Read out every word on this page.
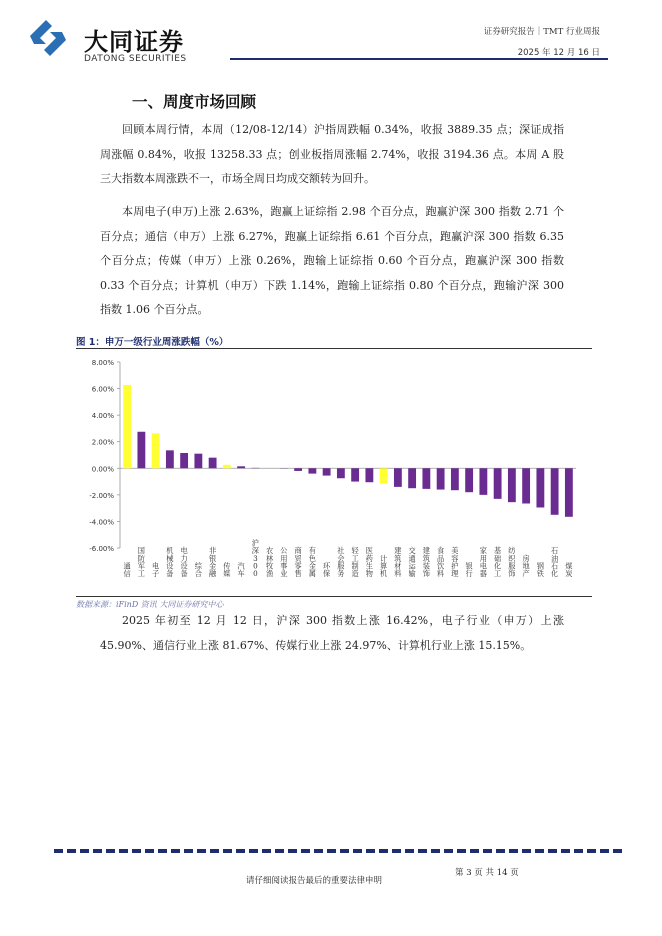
大同证券
DATONG SECURITIES
证券研究报告｜TMT 行业周报
2025 年 12 月 16 日
一、周度市场回顾

回顾本周行情，本周（12/08-12/14）沪指周跌幅 0.34%，收报 3889.35 点；深证成指周涨幅 0.84%，收报 13258.33 点；创业板指周涨幅 2.74%，收报 3194.36 点。本周 A 股三大指数本周涨跌不一，市场全周日均成交额转为回升。

本周电子(申万)上涨 2.63%，跑赢上证综指 2.98 个百分点，跑赢沪深 300 指数 2.71 个百分点；通信（申万）上涨 6.27%，跑赢上证综指 6.61 个百分点，跑赢沪深 300 指数 6.35 个百分点；传媒（申万）上涨 0.26%，跑输上证综指 0.60 个百分点，跑赢沪深 300 指数 0.33 个百分点；计算机（申万）下跌 1.14%，跑输上证综指 0.80 个百分点，跑输沪深 300 指数 1.06 个百分点。

图 1：申万一级行业周涨跌幅（%）
-6.00%
-4.00%
-2.00%
0.00%
2.00%
4.00%
6.00%
8.00%
通信
国防军工
电子
机械设备
电力设备
综合
非银金融
传媒
汽车
沪深 3 0 0
农林牧渔
公用事业
商贸零售
有色金属
环保
社会服务
轻工制造
医药生物
计算机
建筑材料
交通运输
建筑装饰
食品饮料
美容护理
银行
家用电器
基础化工
纺织服饰
房地产
钢铁
石油石化
煤炭
数据来源：iFinD 资讯 大同证券研究中心

2025 年初至 12 月 12 日，沪深 300 指数上涨 16.42%，电子行业（申万）上涨 45.90%、通信行业上涨 81.67%、传媒行业上涨 24.97%、计算机行业上涨 15.15%。

请仔细阅读报告最后的重要法律申明
第 3 页 共 14 页
